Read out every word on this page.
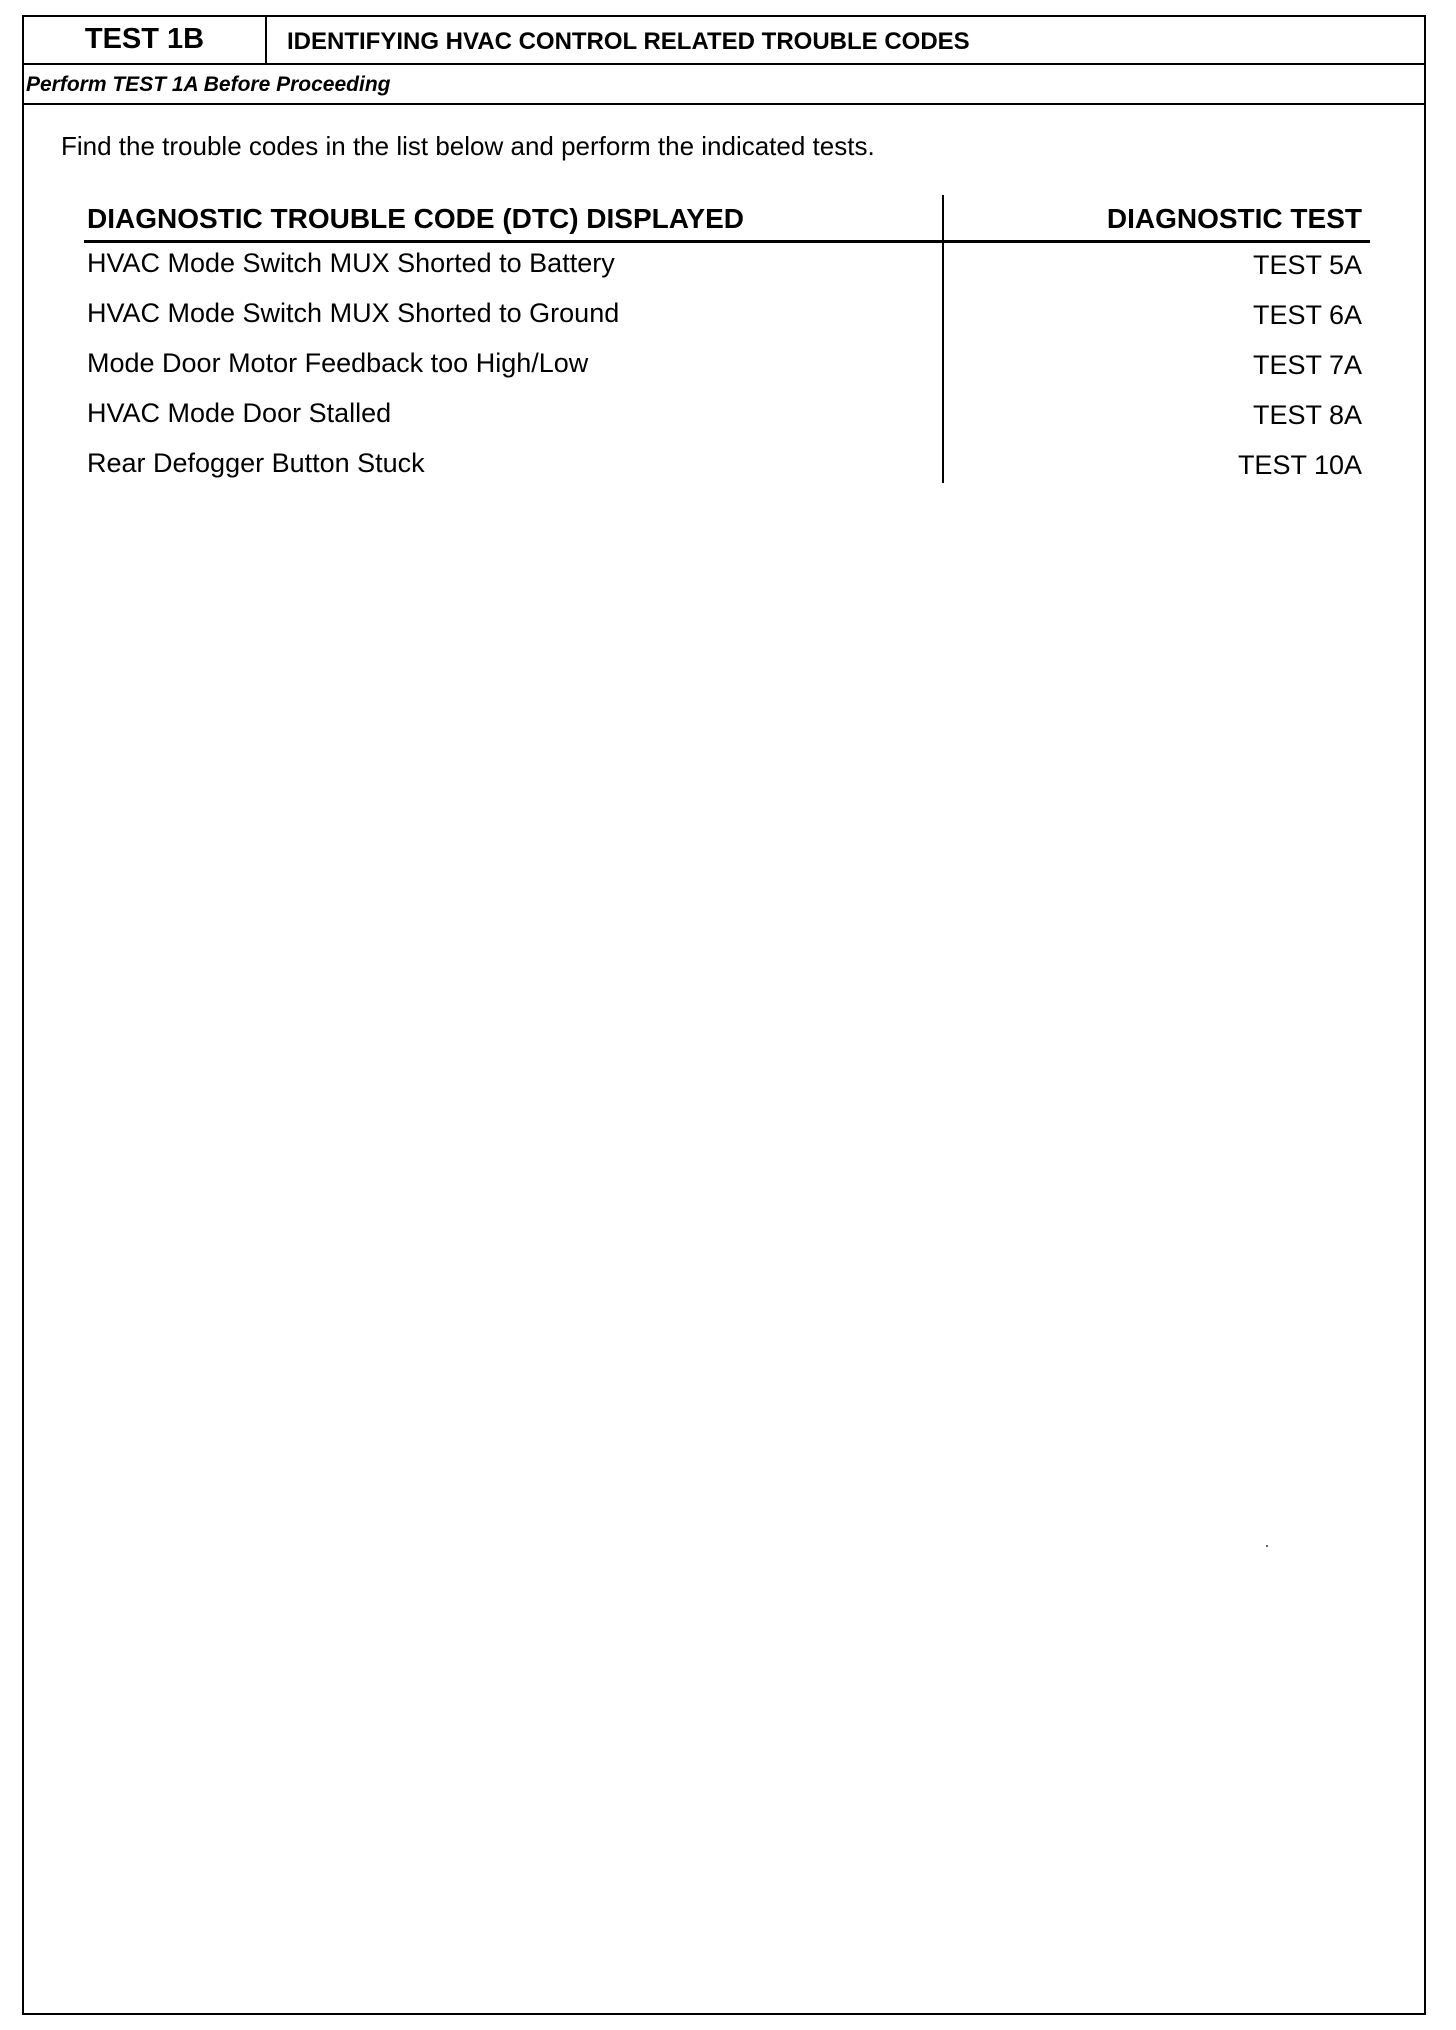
TEST 1B	IDENTIFYING HVAC CONTROL RELATED TROUBLE CODES
Perform TEST 1A Before Proceeding
Find the trouble codes in the list below and perform the indicated tests.
DIAGNOSTIC TROUBLE CODE (DTC) DISPLAYED	DIAGNOSTIC TEST
HVAC Mode Switch MUX Shorted to Battery	TEST 5A
HVAC Mode Switch MUX Shorted to Ground	TEST 6A
Mode Door Motor Feedback too High/Low	TEST 7A
HVAC Mode Door Stalled	TEST 8A
Rear Defogger Button Stuck	TEST 10A
